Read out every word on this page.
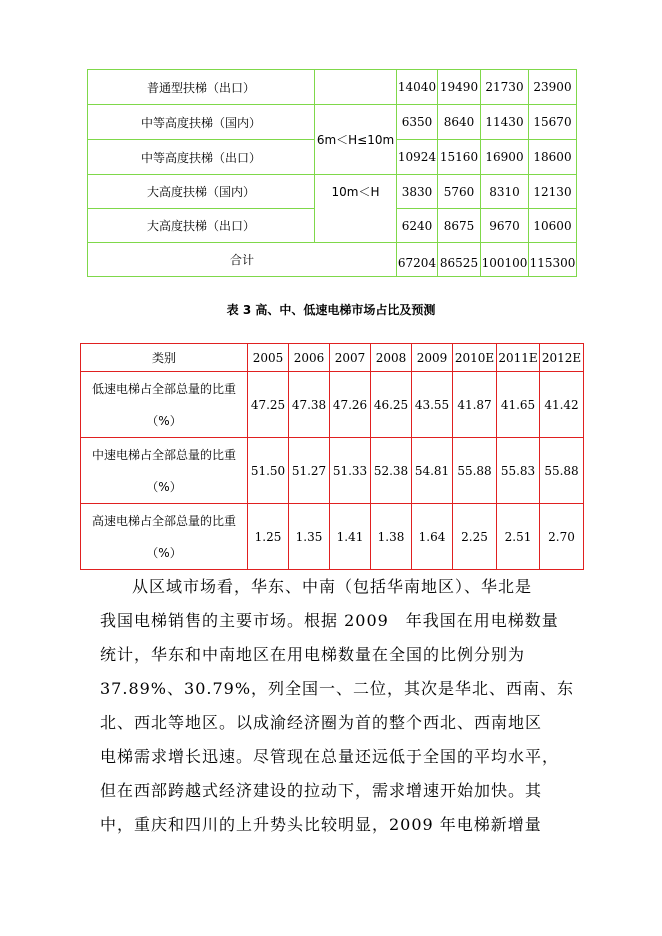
普通型扶梯（出口）		14040	19490	21730	23900
中等高度扶梯（国内）	6m＜H≤10m	6350	8640	11430	15670
中等高度扶梯（出口）		10924	15160	16900	18600
大高度扶梯（国内）	10m＜H	3830	5760	8310	12130
大高度扶梯（出口）		6240	8675	9670	10600
合计		67204	86525	100100	115300
表 3 高、中、低速电梯市场占比及预测
类别	2005	2006	2007	2008	2009	2010E	2011E	2012E

低速电梯占全部总量的比重
（%）	47.25	47.38	47.26	46.25	43.55	41.87	41.65	41.42

中速电梯占全部总量的比重
（%）	51.50	51.27	51.33	52.38	54.81	55.88	55.83	55.88

高速电梯占全部总量的比重
（%）	1.25	1.35	1.41	1.38	1.64	2.25	2.51	2.70
从区域市场看，华东、中南（包括华南地区）、华北是
我国电梯销售的主要市场。根据 2009　年我国在用电梯数量
统计，华东和中南地区在用电梯数量在全国的比例分别为
37.89%、30.79%，列全国一、二位，其次是华北、西南、东
北、西北等地区。以成渝经济圈为首的整个西北、西南地区
电梯需求增长迅速。尽管现在总量还远低于全国的平均水平，
但在西部跨越式经济建设的拉动下，需求增速开始加快。其
中，重庆和四川的上升势头比较明显，2009 年电梯新增量
